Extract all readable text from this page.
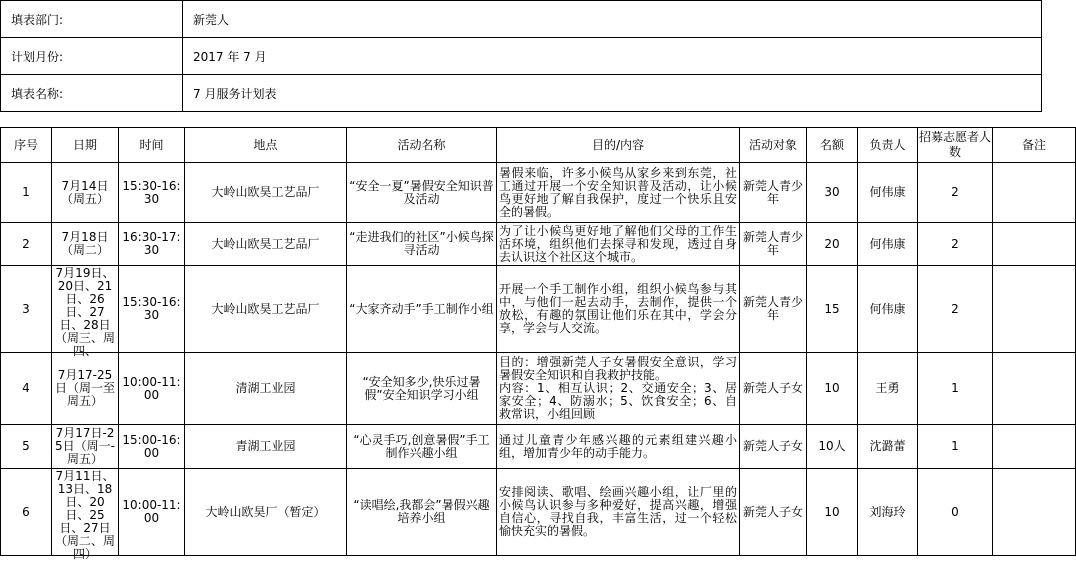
填表部门:	新莞人
计划月份:	2017 年 7 月
填表名称:	7 月服务计划表
序号	日期	时间	地点	活动名称	目的/内容	活动对象	名额	负责人	招募志愿者人数	备注
1	7月14日（周五）	15:30-16:30	大岭山欧昊工艺品厂	“安全一夏”暑假安全知识普及活动	暑假来临，许多小候鸟从家乡来到东莞，社工通过开展一个安全知识普及活动，让小候鸟更好地了解自我保护，度过一个快乐且安全的暑假。	新莞人青少年	30	何伟康	2	
2	7月18日（周二）	16:30-17:30	大岭山欧昊工艺品厂	“走进我们的社区”小候鸟探寻活动	为了让小候鸟更好地了解他们父母的工作生活环境，组织他们去探寻和发现，透过自身去认识这个社区这个城市。	新莞人青少年	20	何伟康	2	
3	7月19日、20日、21日、26日、27日、28日（周三、周四、	15:30-16:30	大岭山欧昊工艺品厂	“大家齐动手”手工制作小组	开展一个手工制作小组，组织小候鸟参与其中，与他们一起去动手，去制作，提供一个放松，有趣的氛围让他们乐在其中，学会分享，学会与人交流。	新莞人青少年	15	何伟康	2	
4	7月17-25日（周一至周五）	10:00-11:00	清湖工业园	“安全知多少,快乐过暑假”安全知识学习小组	目的：增强新莞人子女暑假安全意识，学习暑假安全知识和自我救护技能。
内容：1、相互认识；2、交通安全；3、居家安全；4、防溺水；5、饮食安全；6、自救常识，小组回顾	新莞人子女	10	王勇	1	
5	7月17日-25日（周一-周五）	15:00-16:00	青湖工业园	“心灵手巧,创意暑假”手工制作兴趣小组	通过儿童青少年感兴趣的元素组建兴趣小组，增加青少年的动手能力。	新莞人子女	10人	沈潞蕾	1	
6	7月11日、13日、18日、20日、25日、27日（周二、周四）	10:00-11:00	大岭山欧昊厂（暂定）	“读唱绘,我都会”暑假兴趣培养小组	安排阅读、歌唱、绘画兴趣小组，让厂里的小候鸟认识参与多种爱好，提高兴趣，增强自信心，寻找自我，丰富生活，过一个轻松愉快充实的暑假。	新莞人子女	10	刘海玲	0	
